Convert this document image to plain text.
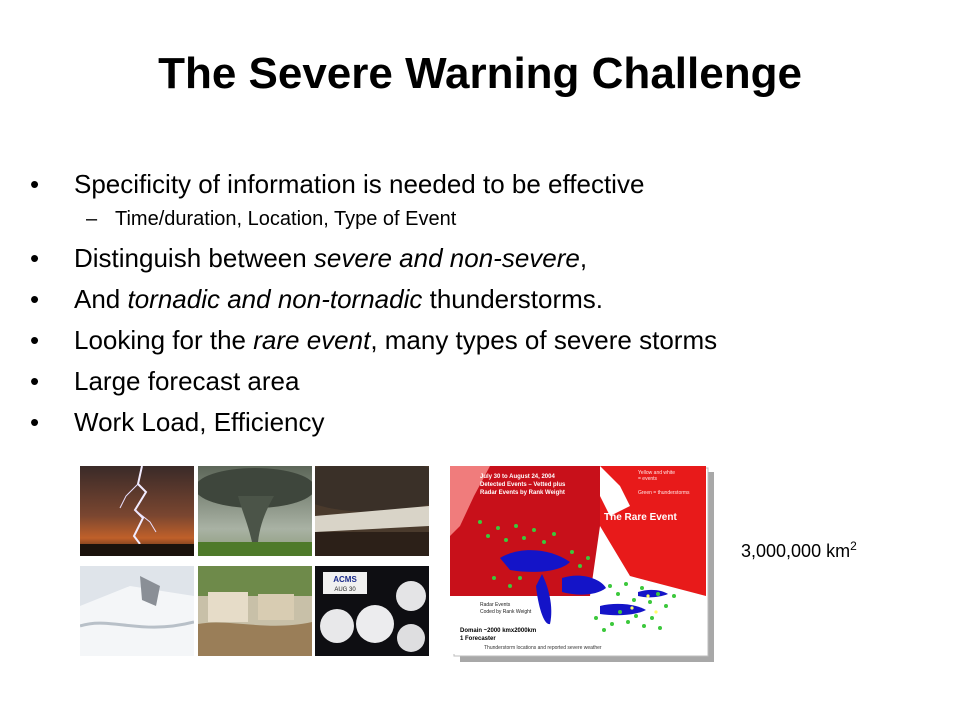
The Severe Warning Challenge
• Specificity of information is needed to be effective
– Time/duration, Location, Type of Event
• Distinguish between severe and non-severe,
• And tornadic and non-tornadic thunderstorms.
• Looking for the rare event, many types of severe storms
• Large forecast area
• Work Load, Efficiency
ACMS
AUG 30
July 30 to August 24, 2004
Detected Events – Vetted plus
Radar Events by Rank Weight
Yellow and white
= events
Green = thunderstorms
The Rare Event
Radar Events
Coded by Rank Weight
Domain ~2000 kmx2000km
1 Forecaster
Thunderstorm locations and reported severe weather
3,000,000 $km^2$
